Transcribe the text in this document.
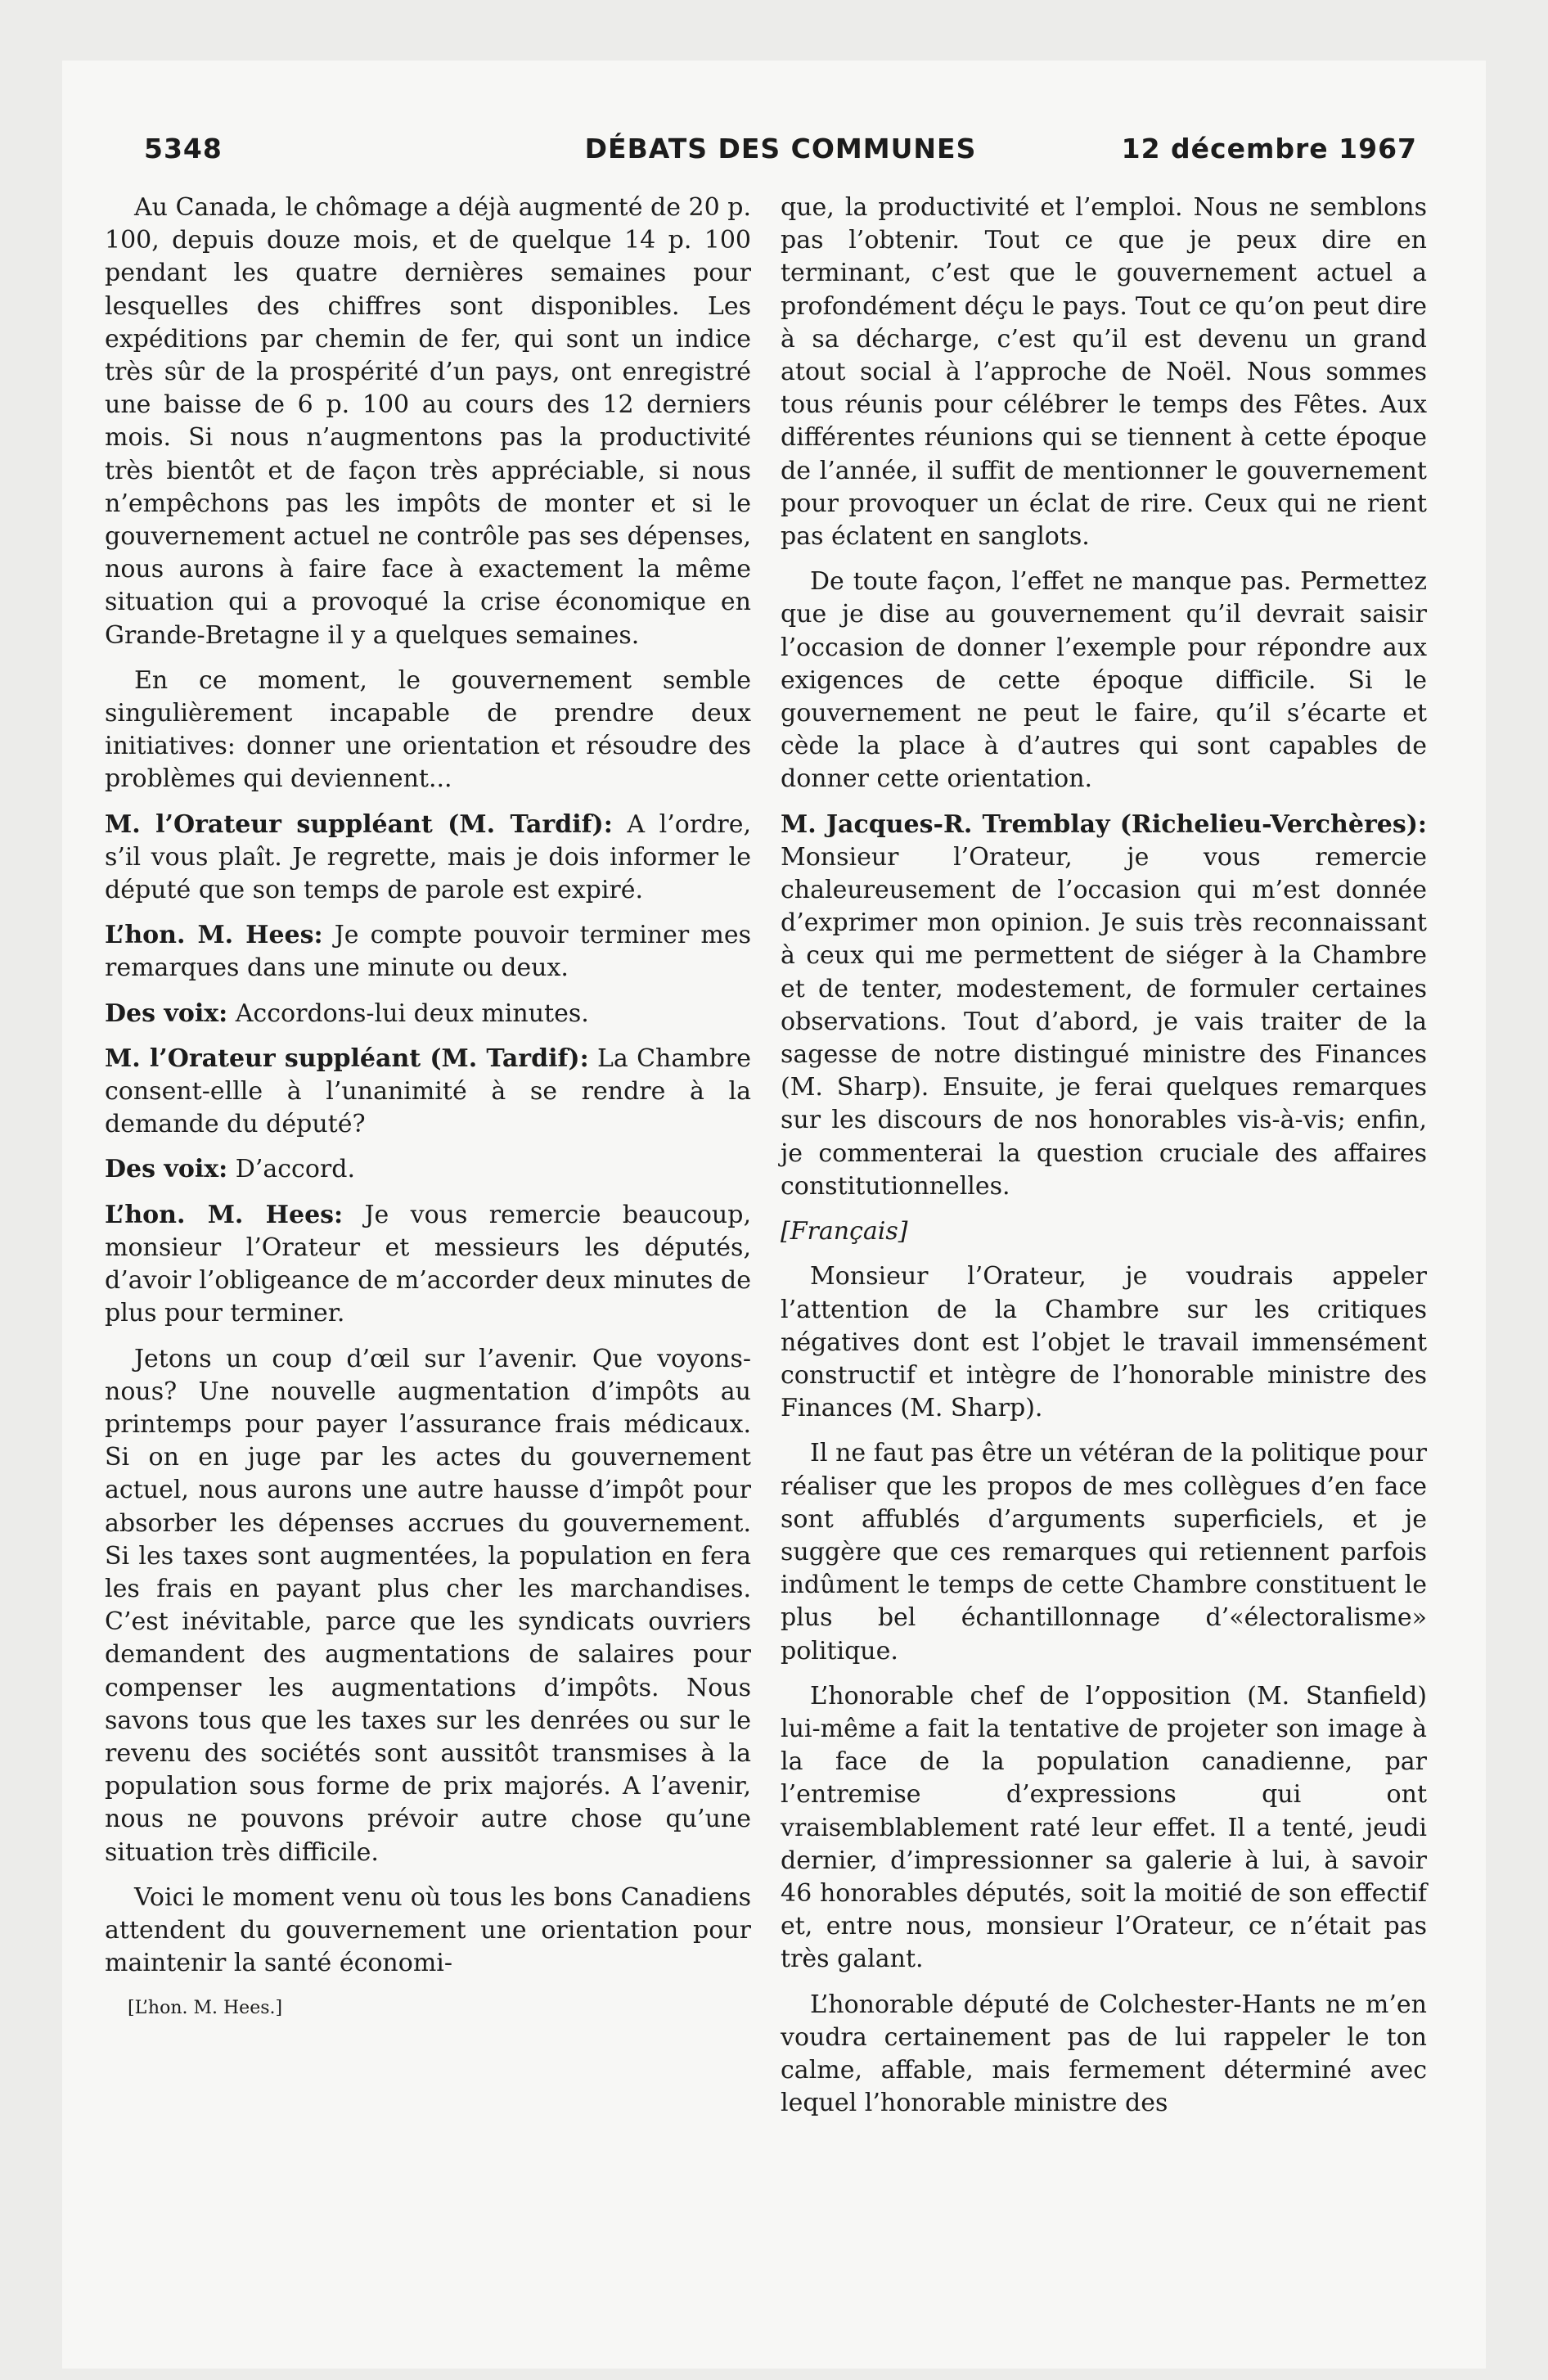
5348	DÉBATS DES COMMUNES	12 décembre 1967

Au Canada, le chômage a déjà augmenté de 20 p. 100, depuis douze mois, et de quelque 14 p. 100 pendant les quatre dernières semaines pour lesquelles des chiffres sont disponibles. Les expéditions par chemin de fer, qui sont un indice très sûr de la prospérité d’un pays, ont enregistré une baisse de 6 p. 100 au cours des 12 derniers mois. Si nous n’augmentons pas la productivité très bientôt et de façon très appréciable, si nous n’empêchons pas les impôts de monter et si le gouvernement actuel ne contrôle pas ses dépenses, nous aurons à faire face à exactement la même situation qui a provoqué la crise économique en Grande-Bretagne il y a quelques semaines.

En ce moment, le gouvernement semble singulièrement incapable de prendre deux initiatives: donner une orientation et résoudre des problèmes qui deviennent...

M. l’Orateur suppléant (M. Tardif): A l’ordre, s’il vous plaît. Je regrette, mais je dois informer le député que son temps de parole est expiré.

L’hon. M. Hees: Je compte pouvoir terminer mes remarques dans une minute ou deux.

Des voix: Accordons-lui deux minutes.

M. l’Orateur suppléant (M. Tardif): La Chambre consent-ellle à l’unanimité à se rendre à la demande du député?

Des voix: D’accord.

L’hon. M. Hees: Je vous remercie beaucoup, monsieur l’Orateur et messieurs les députés, d’avoir l’obligeance de m’accorder deux minutes de plus pour terminer.

Jetons un coup d’œil sur l’avenir. Que voyons-nous? Une nouvelle augmentation d’impôts au printemps pour payer l’assurance frais médicaux. Si on en juge par les actes du gouvernement actuel, nous aurons une autre hausse d’impôt pour absorber les dépenses accrues du gouvernement. Si les taxes sont augmentées, la population en fera les frais en payant plus cher les marchandises. C’est inévitable, parce que les syndicats ouvriers demandent des augmentations de salaires pour compenser les augmentations d’impôts. Nous savons tous que les taxes sur les denrées ou sur le revenu des sociétés sont aussitôt transmises à la population sous forme de prix majorés. A l’avenir, nous ne pouvons prévoir autre chose qu’une situation très difficile.

Voici le moment venu où tous les bons Canadiens attendent du gouvernement une orientation pour maintenir la santé économi-

[L’hon. M. Hees.]

que, la productivité et l’emploi. Nous ne semblons pas l’obtenir. Tout ce que je peux dire en terminant, c’est que le gouvernement actuel a profondément déçu le pays. Tout ce qu’on peut dire à sa décharge, c’est qu’il est devenu un grand atout social à l’approche de Noël. Nous sommes tous réunis pour célébrer le temps des Fêtes. Aux différentes réunions qui se tiennent à cette époque de l’année, il suffit de mentionner le gouvernement pour provoquer un éclat de rire. Ceux qui ne rient pas éclatent en sanglots.

De toute façon, l’effet ne manque pas. Permettez que je dise au gouvernement qu’il devrait saisir l’occasion de donner l’exemple pour répondre aux exigences de cette époque difficile. Si le gouvernement ne peut le faire, qu’il s’écarte et cède la place à d’autres qui sont capables de donner cette orientation.

M. Jacques-R. Tremblay (Richelieu-Verchères): Monsieur l’Orateur, je vous remercie chaleureusement de l’occasion qui m’est donnée d’exprimer mon opinion. Je suis très reconnaissant à ceux qui me permettent de siéger à la Chambre et de tenter, modestement, de formuler certaines observations. Tout d’abord, je vais traiter de la sagesse de notre distingué ministre des Finances (M. Sharp). Ensuite, je ferai quelques remarques sur les discours de nos honorables vis-à-vis; enfin, je commenterai la question cruciale des affaires constitutionnelles.

[Français]

Monsieur l’Orateur, je voudrais appeler l’attention de la Chambre sur les critiques négatives dont est l’objet le travail immensément constructif et intègre de l’honorable ministre des Finances (M. Sharp).

Il ne faut pas être un vétéran de la politique pour réaliser que les propos de mes collègues d’en face sont affublés d’arguments superficiels, et je suggère que ces remarques qui retiennent parfois indûment le temps de cette Chambre constituent le plus bel échantillonnage d’«électoralisme» politique.

L’honorable chef de l’opposition (M. Stanfield) lui-même a fait la tentative de projeter son image à la face de la population canadienne, par l’entremise d’expressions qui ont vraisemblablement raté leur effet. Il a tenté, jeudi dernier, d’impressionner sa galerie à lui, à savoir 46 honorables députés, soit la moitié de son effectif et, entre nous, monsieur l’Orateur, ce n’était pas très galant.

L’honorable député de Colchester-Hants ne m’en voudra certainement pas de lui rappeler le ton calme, affable, mais fermement déterminé avec lequel l’honorable ministre des
